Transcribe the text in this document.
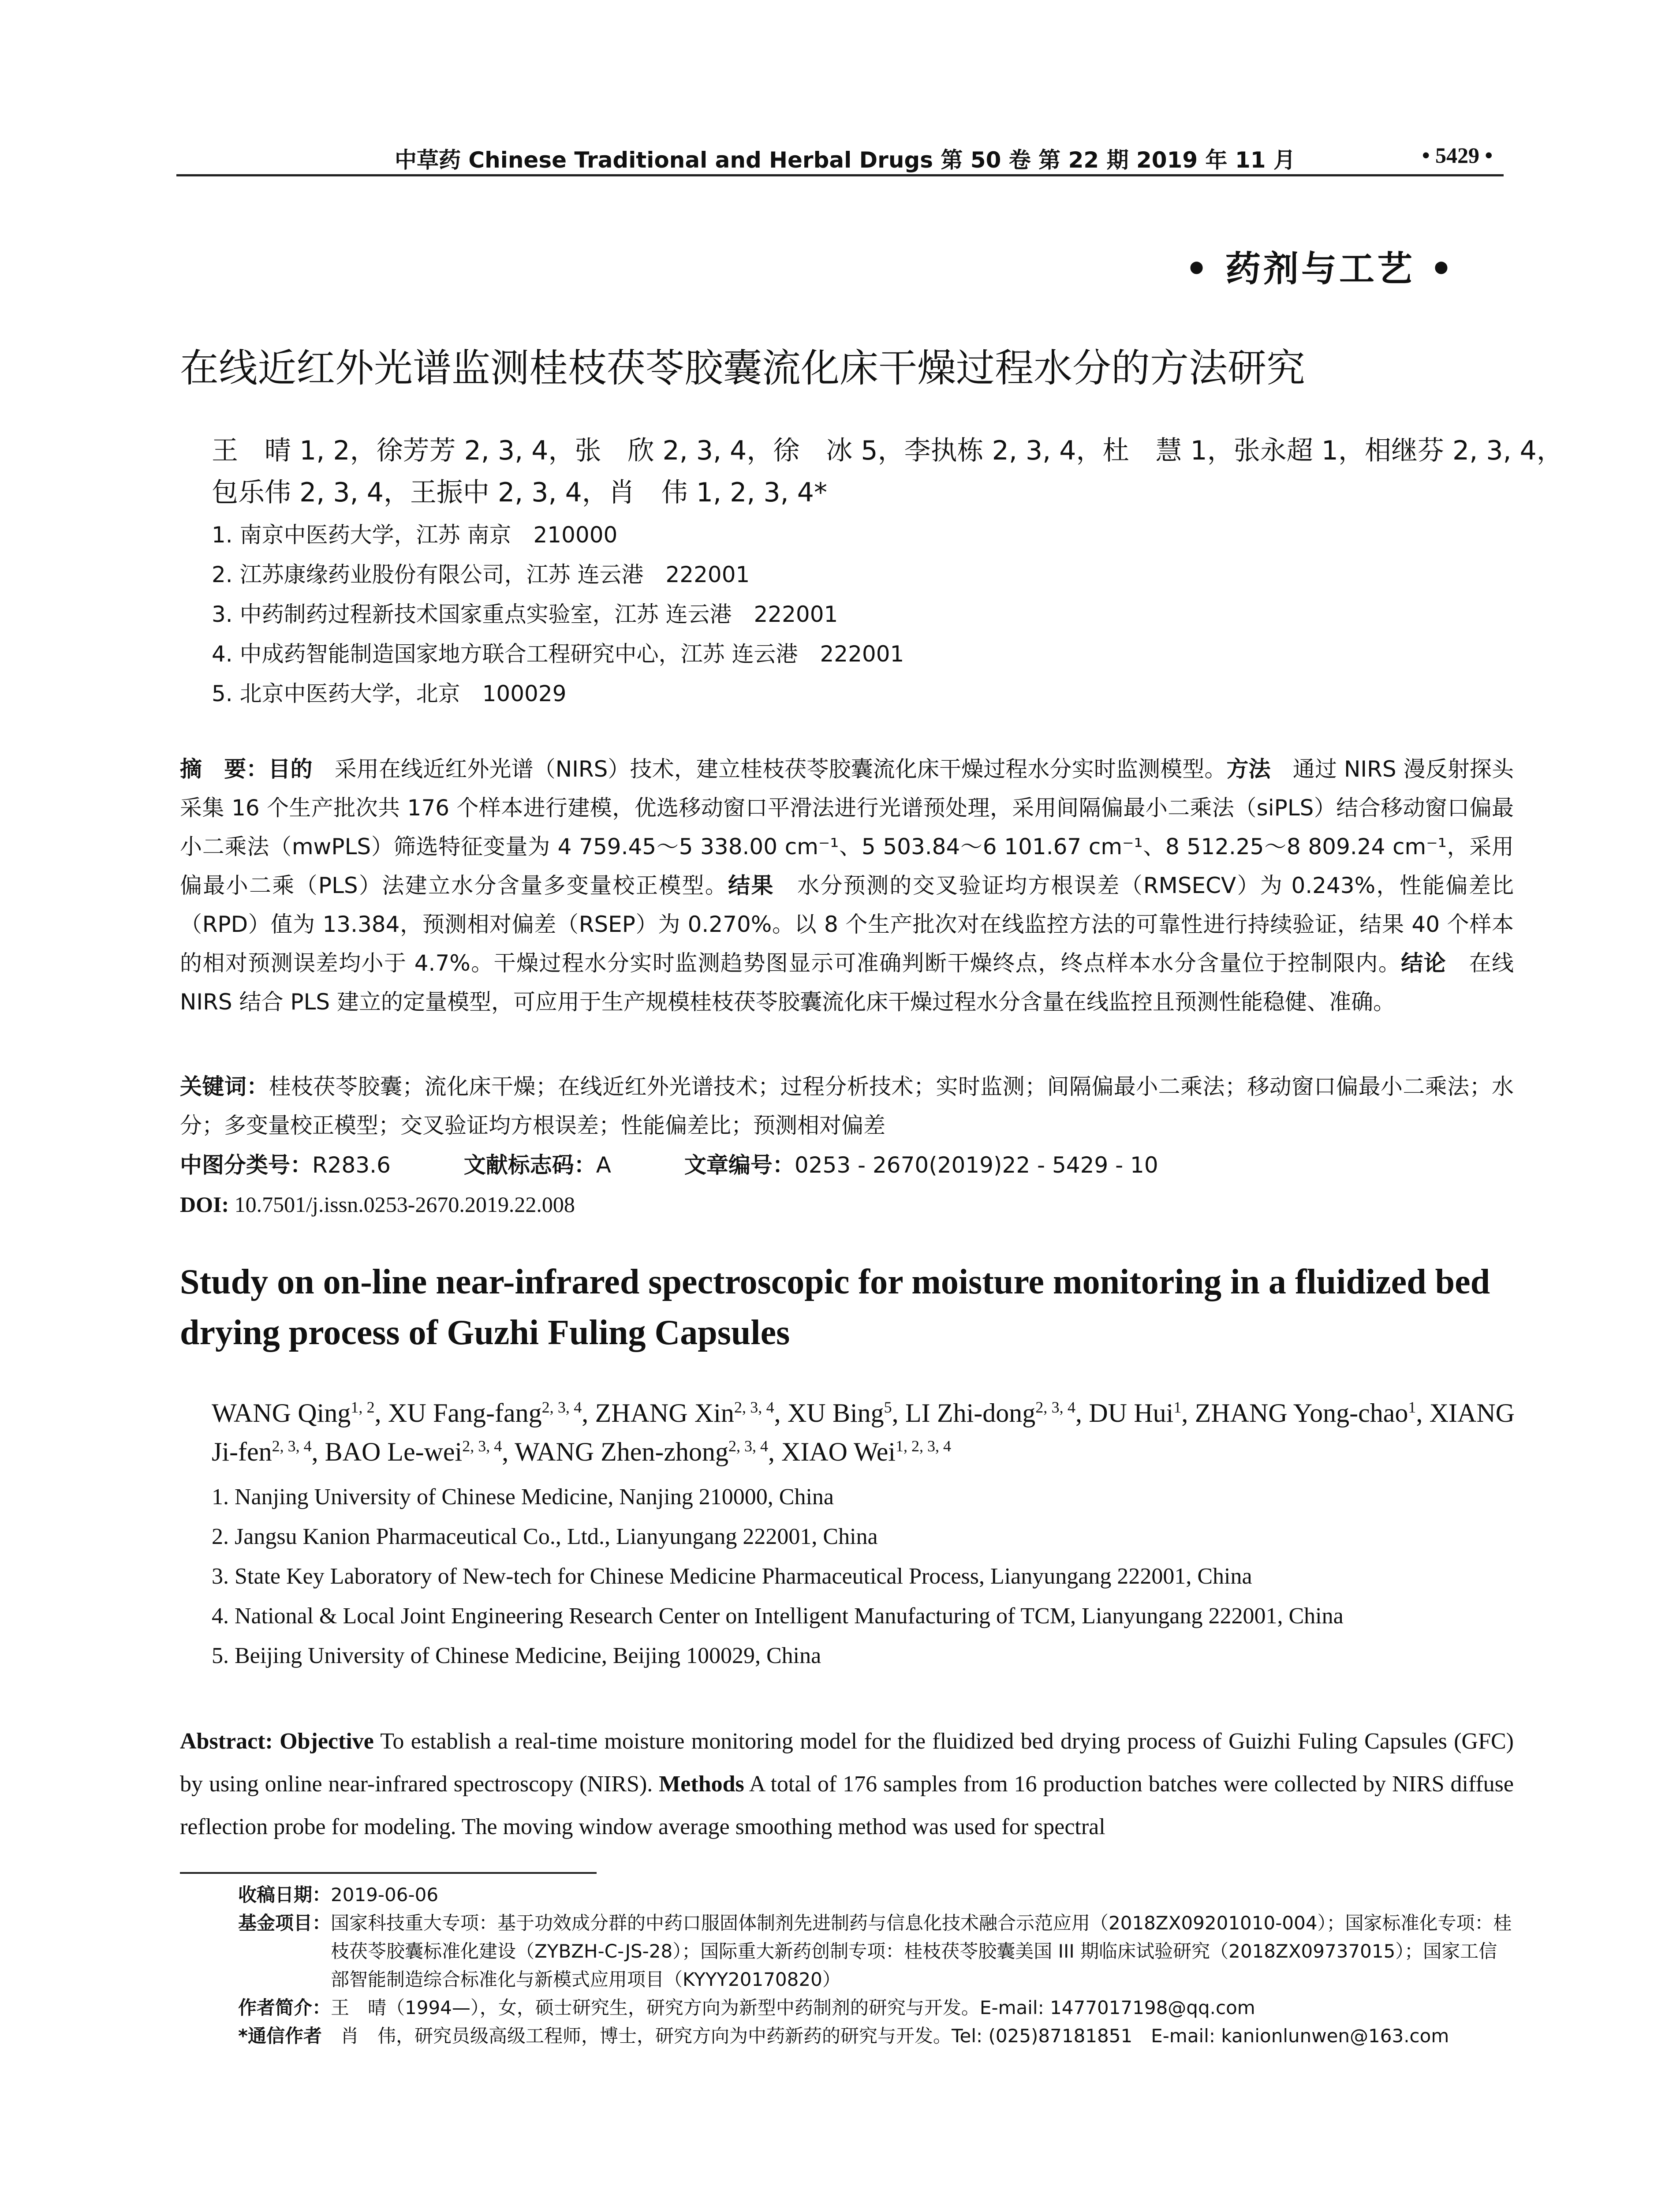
中草药 Chinese Traditional and Herbal Drugs 第 50 卷 第 22 期 2019 年 11 月	• 5429 •
• 药剂与工艺 •
在线近红外光谱监测桂枝茯苓胶囊流化床干燥过程水分的方法研究
王　晴 1, 2，徐芳芳 2, 3, 4，张　欣 2, 3, 4，徐　冰 5，李执栋 2, 3, 4，杜　慧 1，张永超 1，相继芬 2, 3, 4，
包乐伟 2, 3, 4，王振中 2, 3, 4，肖　伟 1, 2, 3, 4*
1. 南京中医药大学，江苏 南京　210000
2. 江苏康缘药业股份有限公司，江苏 连云港　222001
3. 中药制药过程新技术国家重点实验室，江苏 连云港　222001
4. 中成药智能制造国家地方联合工程研究中心，江苏 连云港　222001
5. 北京中医药大学，北京　100029
摘　要：目的　采用在线近红外光谱（NIRS）技术，建立桂枝茯苓胶囊流化床干燥过程水分实时监测模型。方法　通过 NIRS 漫反射探头采集 16 个生产批次共 176 个样本进行建模，优选移动窗口平滑法进行光谱预处理，采用间隔偏最小二乘法（siPLS）结合移动窗口偏最小二乘法（mwPLS）筛选特征变量为 4 759.45～5 338.00 cm⁻¹、5 503.84～6 101.67 cm⁻¹、8 512.25～8 809.24 cm⁻¹，采用偏最小二乘（PLS）法建立水分含量多变量校正模型。结果　水分预测的交叉验证均方根误差（RMSECV）为 0.243%，性能偏差比（RPD）值为 13.384，预测相对偏差（RSEP）为 0.270%。以 8 个生产批次对在线监控方法的可靠性进行持续验证，结果 40 个样本的相对预测误差均小于 4.7%。干燥过程水分实时监测趋势图显示可准确判断干燥终点，终点样本水分含量位于控制限内。结论　在线 NIRS 结合 PLS 建立的定量模型，可应用于生产规模桂枝茯苓胶囊流化床干燥过程水分含量在线监控且预测性能稳健、准确。
关键词：桂枝茯苓胶囊；流化床干燥；在线近红外光谱技术；过程分析技术；实时监测；间隔偏最小二乘法；移动窗口偏最小二乘法；水分；多变量校正模型；交叉验证均方根误差；性能偏差比；预测相对偏差
中图分类号：R283.6	文献标志码：A	文章编号：0253 - 2670(2019)22 - 5429 - 10
DOI: 10.7501/j.issn.0253-2670.2019.22.008
Study on on-line near-infrared spectroscopic for moisture monitoring in a fluidized bed drying process of Guzhi Fuling Capsules
WANG Qing$^{1, 2}$, XU Fang-fang$^{2, 3, 4}$, ZHANG Xin$^{2, 3, 4}$, XU Bing$^5$, LI Zhi-dong$^{2, 3, 4}$, DU Hui$^1$, ZHANG Yong-chao$^1$, XIANG Ji-fen$^{2, 3, 4}$, BAO Le-wei$^{2, 3, 4}$, WANG Zhen-zhong$^{2, 3, 4}$, XIAO Wei$^{1, 2, 3, 4}$
1. Nanjing University of Chinese Medicine, Nanjing 210000, China
2. Jangsu Kanion Pharmaceutical Co., Ltd., Lianyungang 222001, China
3. State Key Laboratory of New-tech for Chinese Medicine Pharmaceutical Process, Lianyungang 222001, China
4. National & Local Joint Engineering Research Center on Intelligent Manufacturing of TCM, Lianyungang 222001, China
5. Beijing University of Chinese Medicine, Beijing 100029, China
Abstract: Objective To establish a real-time moisture monitoring model for the fluidized bed drying process of Guizhi Fuling Capsules (GFC) by using online near-infrared spectroscopy (NIRS). Methods A total of 176 samples from 16 production batches were collected by NIRS diffuse reflection probe for modeling. The moving window average smoothing method was used for spectral
收稿日期： 2019-06-06
基金项目： 国家科技重大专项：基于功效成分群的中药口服固体制剂先进制药与信息化技术融合示范应用（2018ZX09201010-004）；国家标准化专项：桂枝茯苓胶囊标准化建设（ZYBZH-C-JS-28）；国际重大新药创制专项：桂枝茯苓胶囊美国 III 期临床试验研究（2018ZX09737015）；国家工信部智能制造综合标准化与新模式应用项目（KYYY20170820）
作者简介： 王　晴（1994—），女，硕士研究生，研究方向为新型中药制剂的研究与开发。E-mail: 1477017198@qq.com
*通信作者　 肖　伟，研究员级高级工程师，博士，研究方向为中药新药的研究与开发。Tel: (025)87181851　E-mail: kanionlunwen@163.com
